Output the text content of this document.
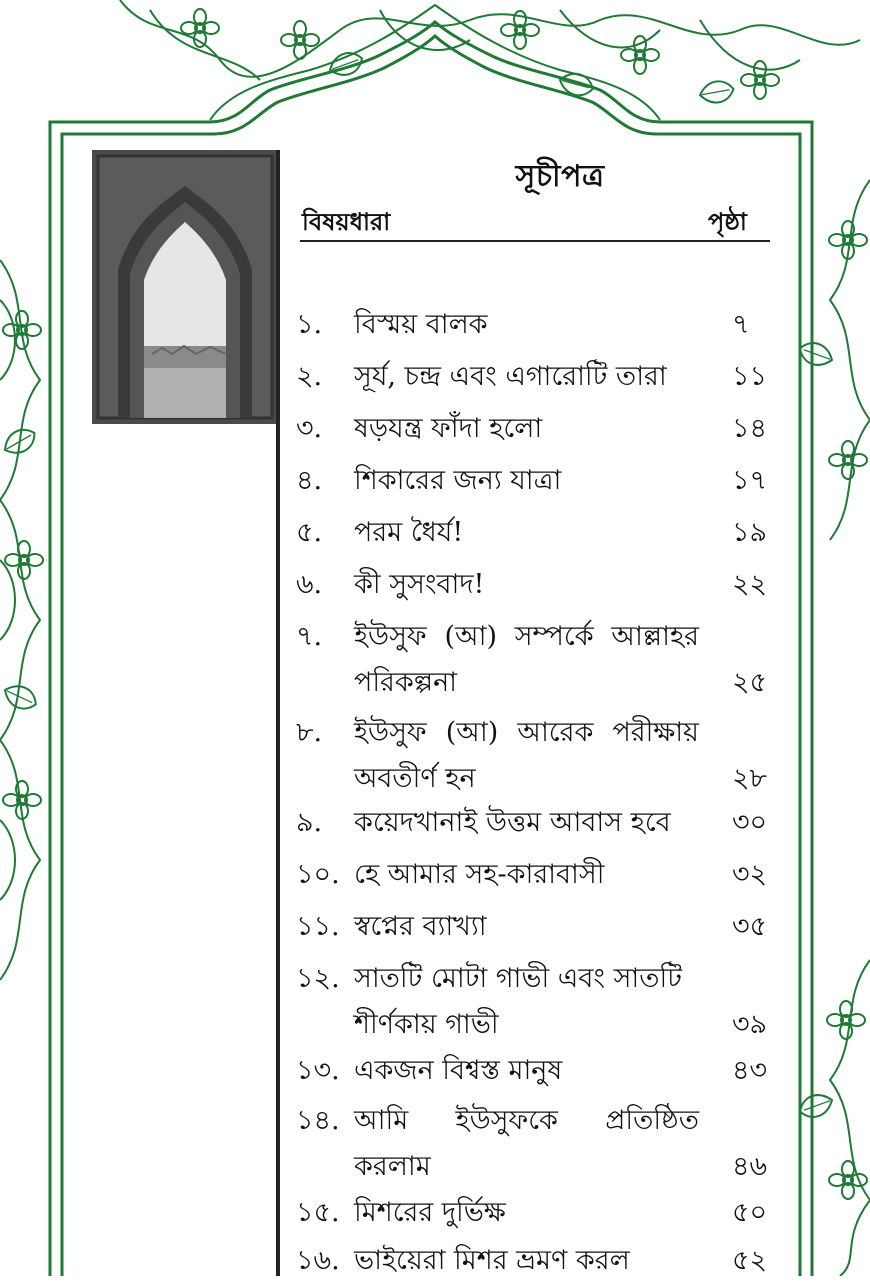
সূচীপত্র
বিষয়ধারা	পৃষ্ঠা
১.	বিস্ময় বালক	৭
২.	সূর্য, চন্দ্র এবং এগারোটি তারা	১১
৩.	ষড়যন্ত্র ফাঁদা হলো	১৪
৪.	শিকারের জন্য যাত্রা	১৭
৫.	পরম ধৈর্য!	১৯
৬.	কী সুসংবাদ!	২২
৭.	ইউসুফ (আ) সম্পর্কে আল্লাহর
পরিকল্পনা	২৫
৮.	ইউসুফ (আ) আরেক পরীক্ষায়
অবতীর্ণ হন	২৮
৯.	কয়েদখানাই উত্তম আবাস হবে	৩০
১০. হে আমার সহ-কারাবাসী	৩২
১১. স্বপ্নের ব্যাখ্যা	৩৫
১২. সাতটি মোটা গাভী এবং সাতটি
শীর্ণকায় গাভী	৩৯
১৩. একজন বিশ্বস্ত মানুষ	৪৩
১৪. আমি ইউসুফকে প্রতিষ্ঠিত
করলাম	৪৬
১৫. মিশরের দুর্ভিক্ষ	৫০
১৬. ভাইয়েরা মিশর ভ্রমণ করল	৫২
